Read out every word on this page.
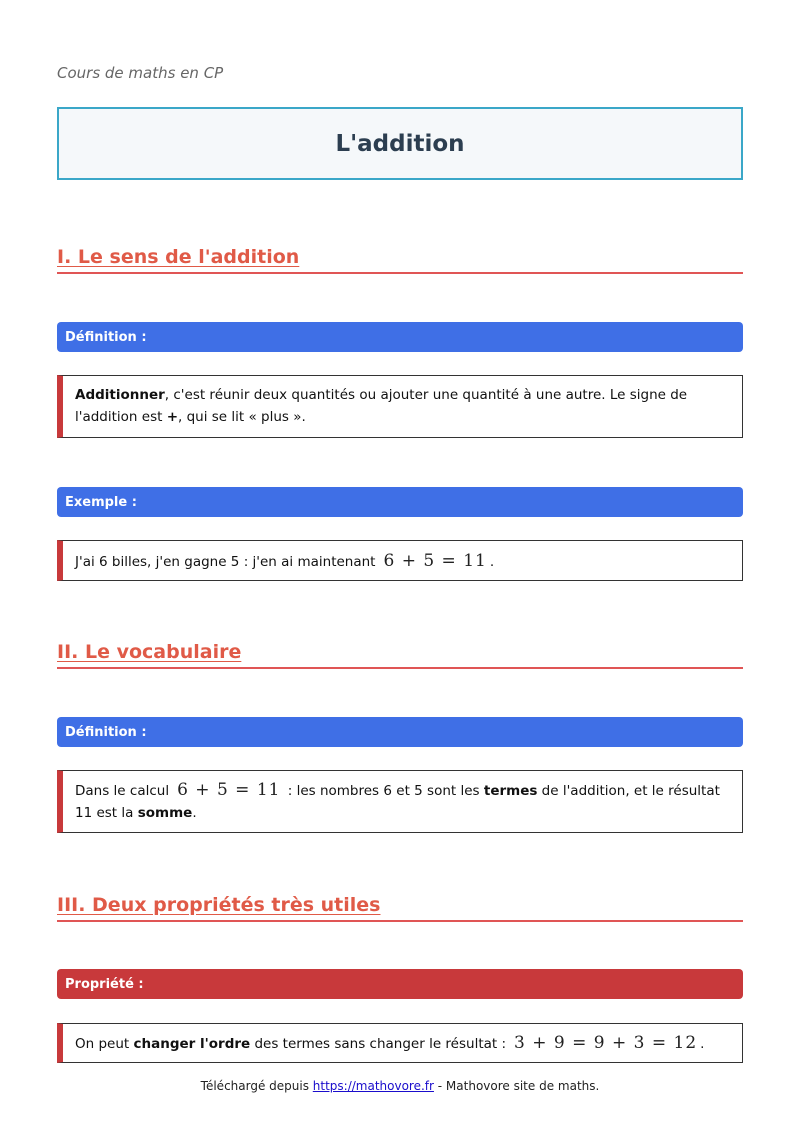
Cours de maths en CP
L'addition
I. Le sens de l'addition
Définition :
Additionner, c'est réunir deux quantités ou ajouter une quantité à une autre. Le signe de l'addition est +, qui se lit « plus ».
Exemple :
J'ai 6 billes, j'en gagne 5 : j'en ai maintenant 6 + 5 = 11 .
II. Le vocabulaire
Définition :
Dans le calcul 6 + 5 = 11 : les nombres 6 et 5 sont les termes de l'addition, et le résultat 11 est la somme.
III. Deux propriétés très utiles
Propriété :
On peut changer l'ordre des termes sans changer le résultat : 3 + 9 = 9 + 3 = 12 .
Téléchargé depuis https://mathovore.fr - Mathovore site de maths.
